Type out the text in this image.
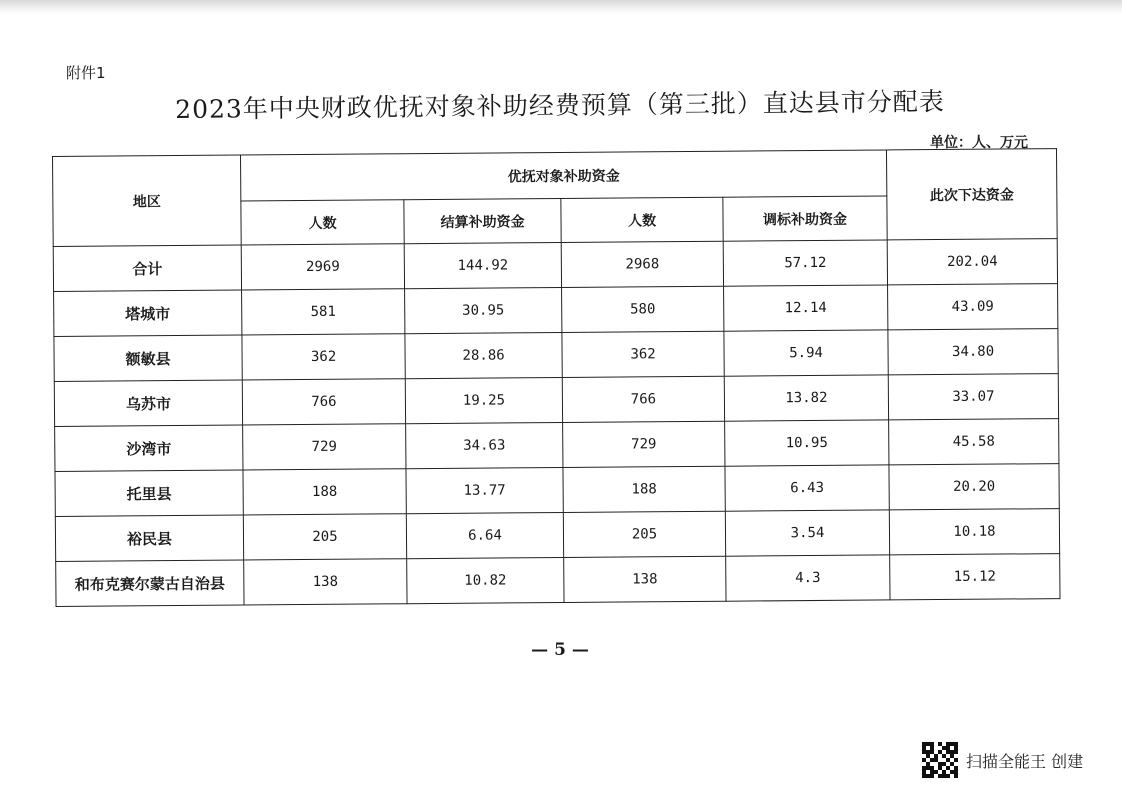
附件1
2023年中央财政优抚对象补助经费预算（第三批）直达县市分配表
单位：人、万元
地区	优抚对象补助资金				此次下达资金
	人数	结算补助资金	人数	调标补助资金	
合计	2969	144.92	2968	57.12	202.04
塔城市	581	30.95	580	12.14	43.09
额敏县	362	28.86	362	5.94	34.80
乌苏市	766	19.25	766	13.82	33.07
沙湾市	729	34.63	729	10.95	45.58
托里县	188	13.77	188	6.43	20.20
裕民县	205	6.64	205	3.54	10.18
和布克赛尔蒙古自治县	138	10.82	138	4.3	15.12
— 5 —
扫描全能王 创建
